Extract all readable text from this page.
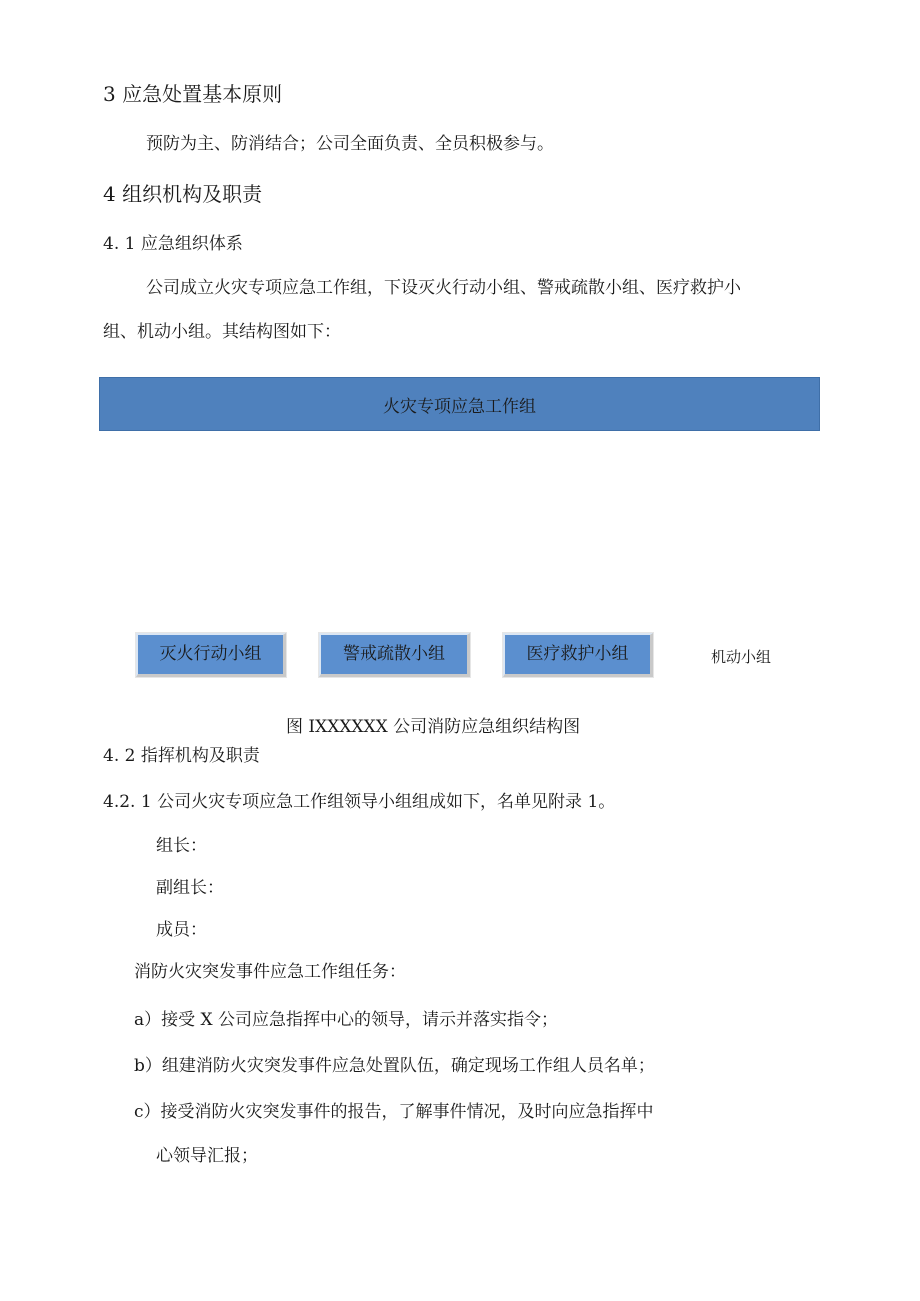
3 应急处置基本原则
预防为主、防消结合；公司全面负责、全员积极参与。
4 组织机构及职责
4. 1 应急组织体系
公司成立火灾专项应急工作组，下设灭火行动小组、警戒疏散小组、医疗救护小
组、机动小组。其结构图如下：
火灾专项应急工作组
灭火行动小组	警戒疏散小组	医疗救护小组	机动小组
图 IXXXXXX 公司消防应急组织结构图
4. 2 指挥机构及职责
4.2. 1 公司火灾专项应急工作组领导小组组成如下，名单见附录 1。
组长：
副组长：
成员：
消防火灾突发事件应急工作组任务：
a）接受 X 公司应急指挥中心的领导，请示并落实指令；
b）组建消防火灾突发事件应急处置队伍，确定现场工作组人员名单；
c）接受消防火灾突发事件的报告，了解事件情况，及时向应急指挥中
心领导汇报；
